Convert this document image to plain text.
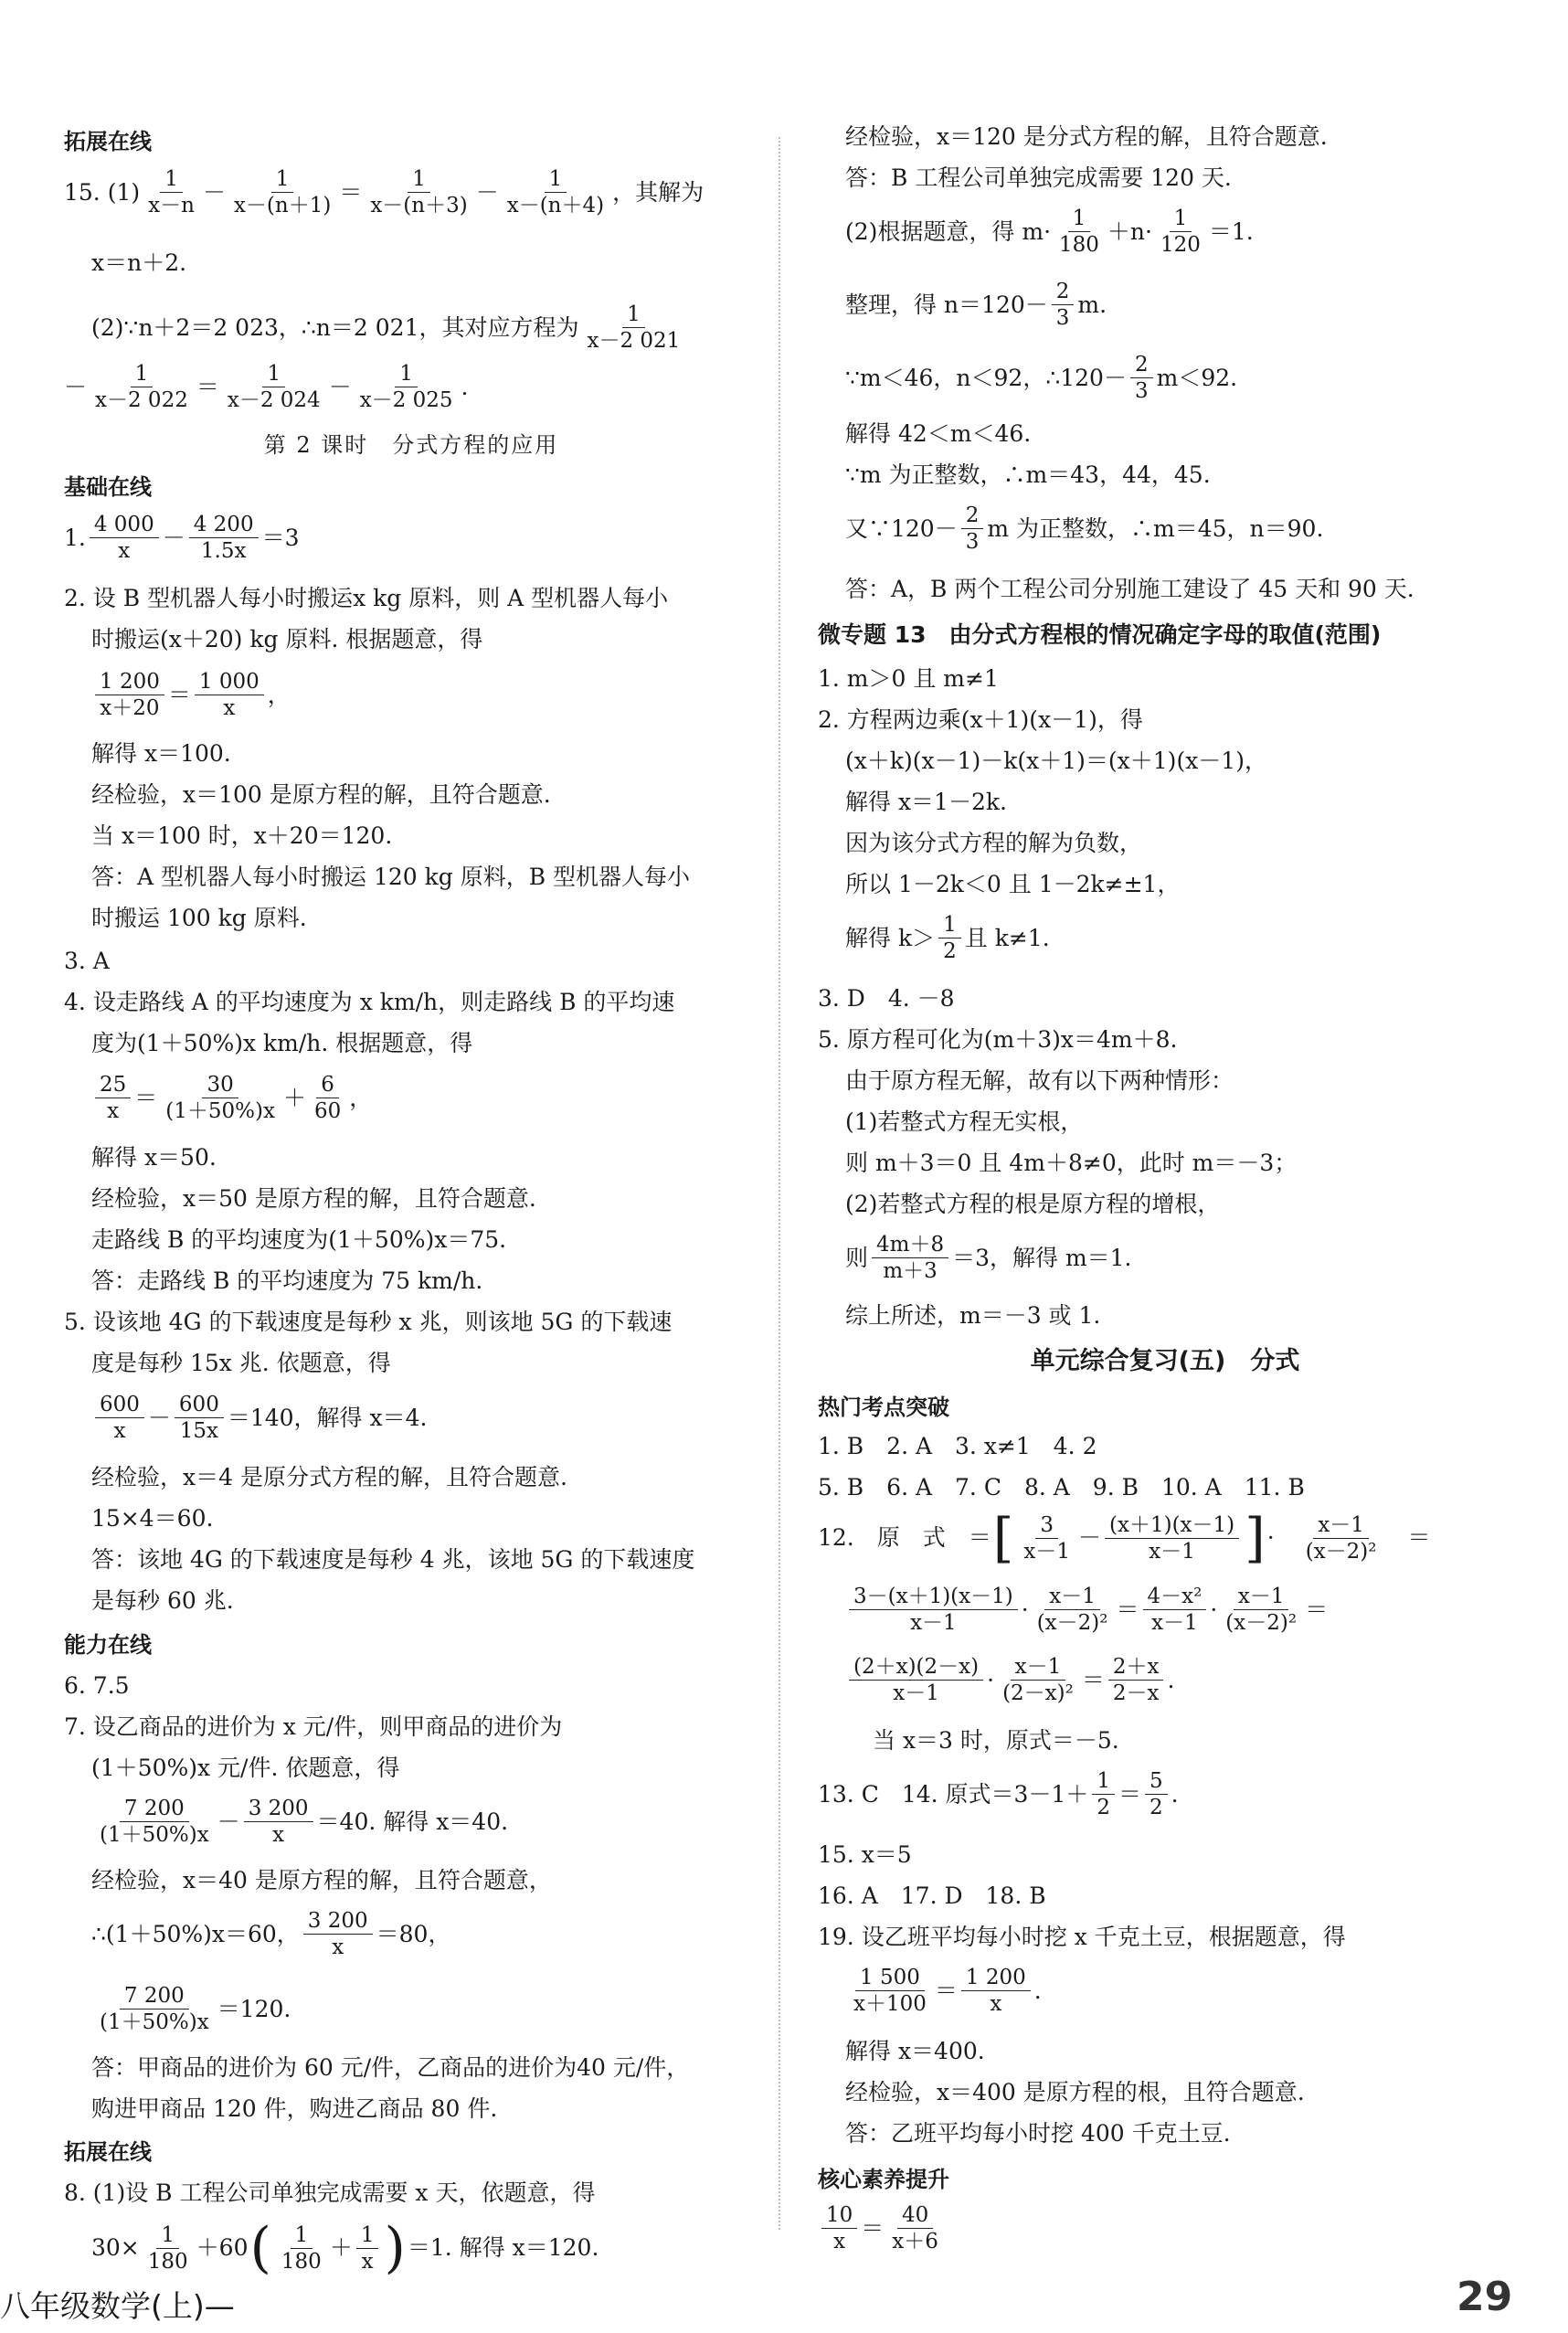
拓展在线
15. $(1) \frac{1}{x-n} - \frac{1}{x-(n+1)} = \frac{1}{x-(n+3)} - \frac{1}{x-(n+4)}$ ，其解为
x＝n＋2.
(2)∵n＋2＝2 023，∴n＝2 021，其对应方程为 $\frac{1}{x-2 021}$
－ $\frac{1}{x-2 022} = \frac{1}{x-2 024} - \frac{1}{x-2 025}$ .
第 2 课时　分式方程的应用
基础在线
1. $\frac{4 000}{x} - \frac{4 200}{1.5x} =3$
2. 设 B 型机器人每小时搬运x kg 原料，则 A 型机器人每小
时搬运(x＋20) kg 原料. 根据题意，得
$\frac{1 200}{x+20} = \frac{1 000}{x}$ ，
解得 x＝100.
经检验，x＝100 是原方程的解，且符合题意.
当 x＝100 时，x＋20＝120.
答：A 型机器人每小时搬运 120 kg 原料，B 型机器人每小
时搬运 100 kg 原料.
3. A
4. 设走路线 A 的平均速度为 x km/h，则走路线 B 的平均速
度为(1＋50%)x km/h. 根据题意，得
$\frac{25}{x} = \frac{30}{(1+50\%)x} + \frac{6}{60}$ ，
解得 x＝50.
经检验，x＝50 是原方程的解，且符合题意.
走路线 B 的平均速度为(1＋50%)x＝75.
答：走路线 B 的平均速度为 75 km/h.
5. 设该地 4G 的下载速度是每秒 x 兆，则该地 5G 的下载速
度是每秒 15x 兆. 依题意，得
$\frac{600}{x} - \frac{600}{15x} =140$，解得 x＝4.
经检验，x＝4 是原分式方程的解，且符合题意.
15×4＝60.
答：该地 4G 的下载速度是每秒 4 兆，该地 5G 的下载速度
是每秒 60 兆.
能力在线
6. 7.5
7. 设乙商品的进价为 x 元/件，则甲商品的进价为
(1＋50%)x 元/件. 依题意，得
$\frac{7 200}{(1+50\%)x} - \frac{3 200}{x} =40$. 解得 x＝40.
经检验，x＝40 是原方程的解，且符合题意，
∴(1＋50%)x＝60， $\frac{3 200}{x} =80$，
$\frac{7 200}{(1+50\%)x} =120$.
答：甲商品的进价为 60 元/件，乙商品的进价为40 元/件，
购进甲商品 120 件，购进乙商品 80 件.
拓展在线
8. (1)设 B 工程公司单独完成需要 x 天，依题意，得
$30\times \frac{1}{180} +60$ ( $\frac{1}{180} + \frac{1}{x}$ ) ＝1. 解得 x＝120.
经检验，x＝120 是分式方程的解，且符合题意.
答：B 工程公司单独完成需要 120 天.
(2)根据题意，得 $m\cdot \frac{1}{180} +n\cdot \frac{1}{120} =1$.
整理，得 $n=120- \frac{2}{3} m$.
∵m＜46，n＜92，∴120－ $\frac{2}{3} m<92$.
解得 42＜m＜46.
∵m 为正整数，∴m＝43，44，45.
又∵120－ $\frac{2}{3}$ m 为正整数，∴m＝45，n＝90.
答：A，B 两个工程公司分别施工建设了 45 天和 90 天.
微专题 13　由分式方程根的情况确定字母的取值(范围)
1. m＞0 且 m≠1
2. 方程两边乘(x＋1)(x－1)，得
(x＋k)(x－1)－k(x＋1)＝(x＋1)(x－1)，
解得 x＝1－2k.
因为该分式方程的解为负数，
所以 1－2k＜0 且 1－2k≠±1，
解得 $k> \frac{1}{2}$ 且 k≠1.
3. D　4. －8
5. 原方程可化为(m＋3)x＝4m＋8.
由于原方程无解，故有以下两种情形：
(1)若整式方程无实根，
则 m＋3＝0 且 4m＋8≠0，此时 m＝－3；
(2)若整式方程的根是原方程的增根，
则 $\frac{4m+8}{m+3} =3$，解得 m＝1.
综上所述，m＝－3 或 1.
单元综合复习(五)　分式
热门考点突破
1. B　2. A　3. x≠1　4. 2
5. B　6. A　7. C　8. A　9. B　10. A　11. B
12.　原　式　＝ [ $\frac{3}{x-1} - \frac{(x+1)(x-1)}{x-1}$ ] ·　 $\frac{x-1}{\text{(x－2)²}}$ 　＝
$\frac{3-(x+1)(x-1)}{x-1} \cdot \frac{x-1}{\text{(x－2)²}} = \frac{\text{4－x²}}{x-1} \cdot \frac{x-1}{\text{(x－2)²}}$ ＝
$\frac{(2+x)(2-x)}{x-1} \cdot \frac{x-1}{\text{(2－x)²}} = \frac{2+x}{2-x}$ .
当 x＝3 时，原式＝－5.
13. C　14. 原式$=3-1+ \frac{1}{2} = \frac{5}{2}$ .
15. x＝5
16. A　17. D　18. B
19. 设乙班平均每小时挖 x 千克土豆，根据题意，得
$\frac{1 500}{x+100} = \frac{1 200}{x}$ .
解得 x＝400.
经检验，x＝400 是原方程的根，且符合题意.
答：乙班平均每小时挖 400 千克土豆.
核心素养提升
$\frac{10}{x} = \frac{40}{x+6}$
八年级数学(上)—	29
